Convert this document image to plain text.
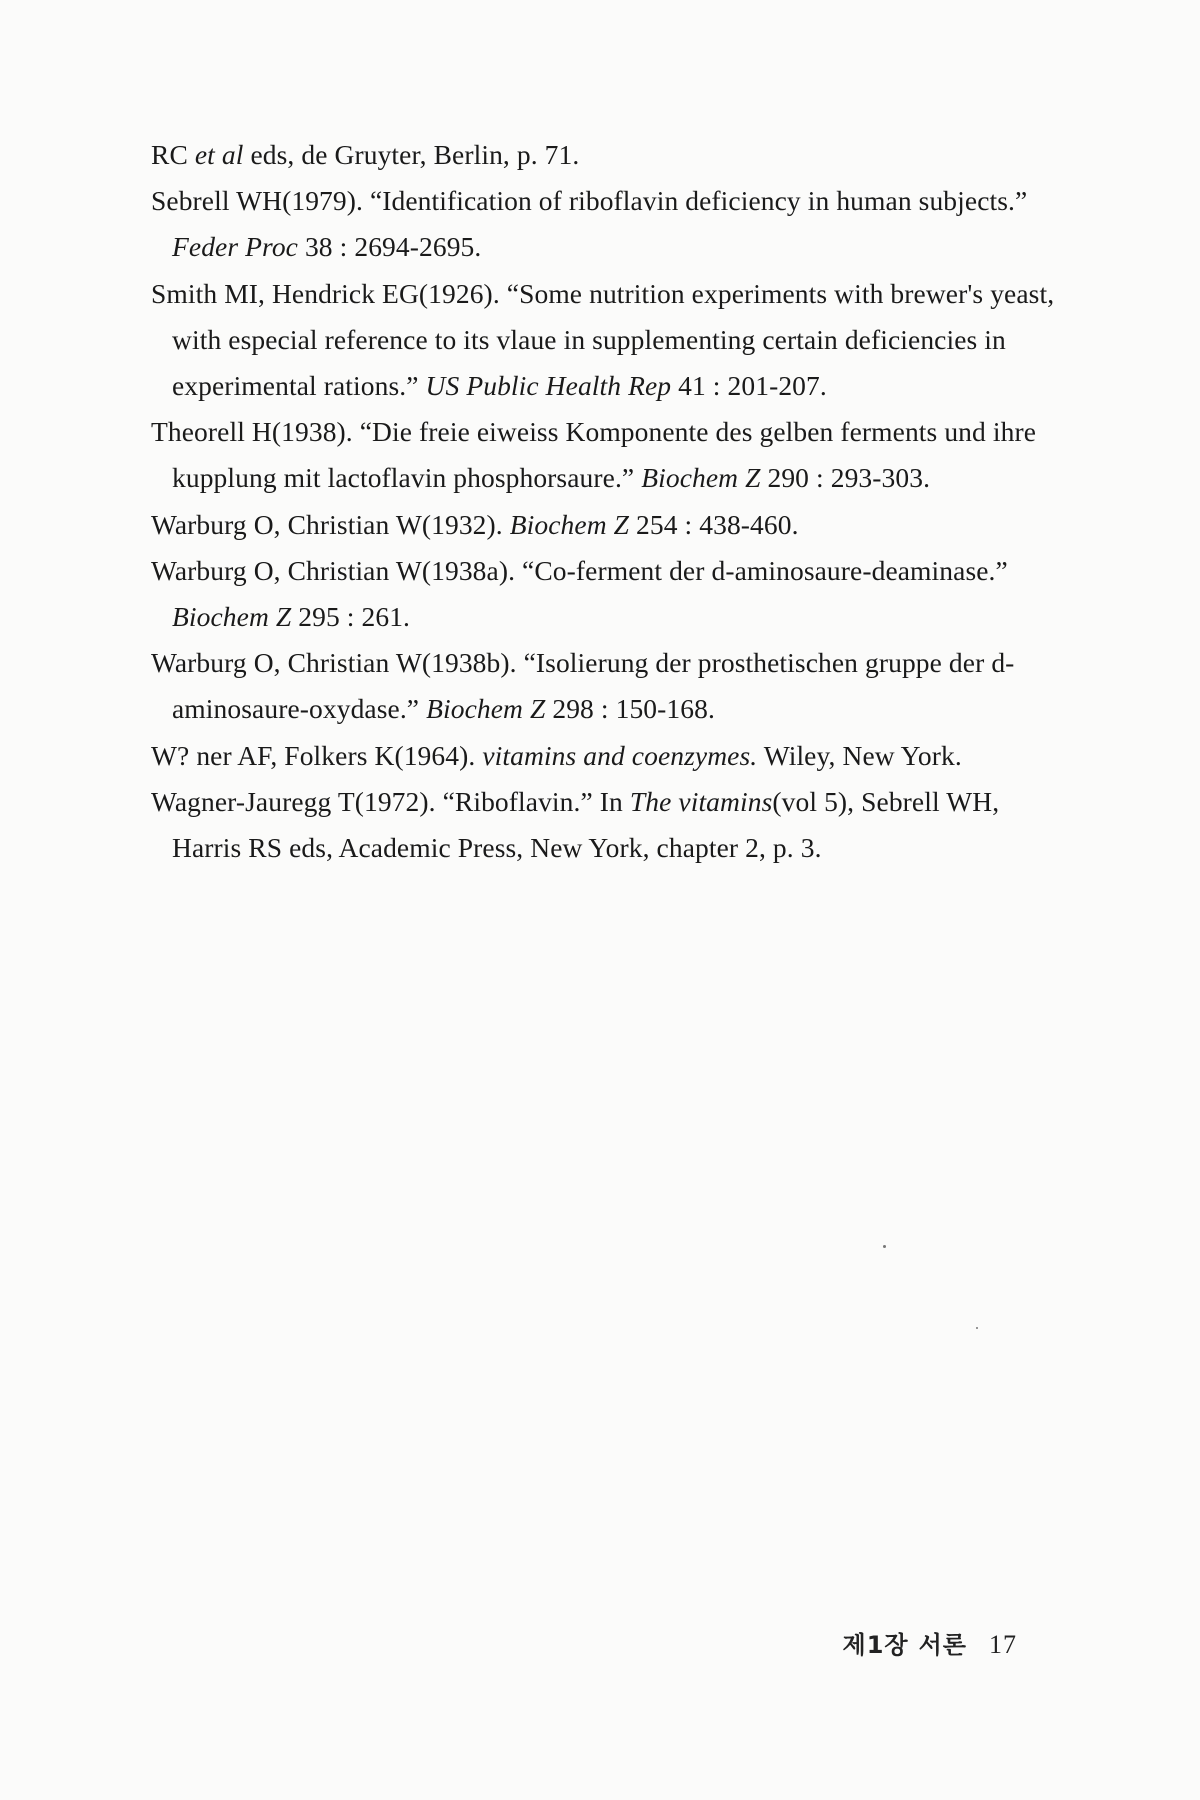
RC et al eds, de Gruyter, Berlin, p. 71.

Sebrell WH(1979). “Identification of riboflavin deficiency in human subjects.” Feder Proc 38 : 2694-2695.

Smith MI, Hendrick EG(1926). “Some nutrition experiments with brewer's yeast, with especial reference to its vlaue in supplementing certain deficiencies in experimental rations.” US Public Health Rep 41 : 201-207.

Theorell H(1938). “Die freie eiweiss Komponente des gelben ferments und ihre kupplung mit lactoflavin phosphorsaure.” Biochem Z 290 : 293-303.

Warburg O, Christian W(1932). Biochem Z 254 : 438-460.

Warburg O, Christian W(1938a). “Co-ferment der d-aminosaure-deaminase.” Biochem Z 295 : 261.

Warburg O, Christian W(1938b). “Isolierung der prosthetischen gruppe der d-aminosaure-oxydase.” Biochem Z 298 : 150-168.

W? ner AF, Folkers K(1964). vitamins and coenzymes. Wiley, New York.

Wagner-Jauregg T(1972). “Riboflavin.” In The vitamins(vol 5), Sebrell WH, Harris RS eds, Academic Press, New York, chapter 2, p. 3.

제1장 서론 17
